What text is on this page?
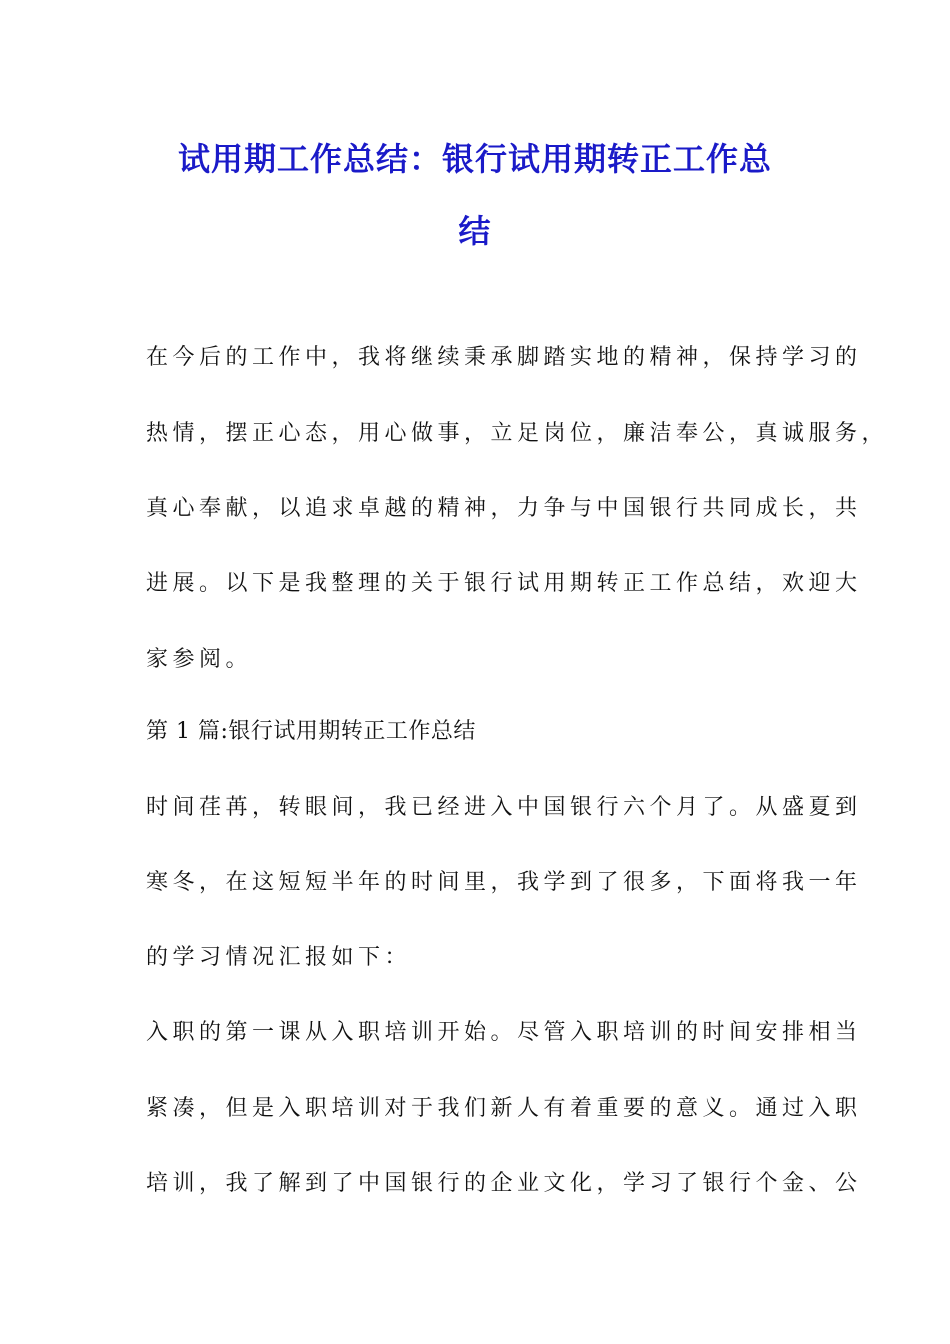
试用期工作总结：银行试用期转正工作总
结
在今后的工作中，我将继续秉承脚踏实地的精神，保持学习的
热情，摆正心态，用心做事，立足岗位，廉洁奉公，真诚服务，
真心奉献，以追求卓越的精神，力争与中国银行共同成长，共
进展。以下是我整理的关于银行试用期转正工作总结，欢迎大
家参阅。
第 1 篇:银行试用期转正工作总结
时间荏苒，转眼间，我已经进入中国银行六个月了。从盛夏到
寒冬，在这短短半年的时间里，我学到了很多，下面将我一年
的学习情况汇报如下：
入职的第一课从入职培训开始。尽管入职培训的时间安排相当
紧凑，但是入职培训对于我们新人有着重要的意义。通过入职
培训，我了解到了中国银行的企业文化，学习了银行个金、公
